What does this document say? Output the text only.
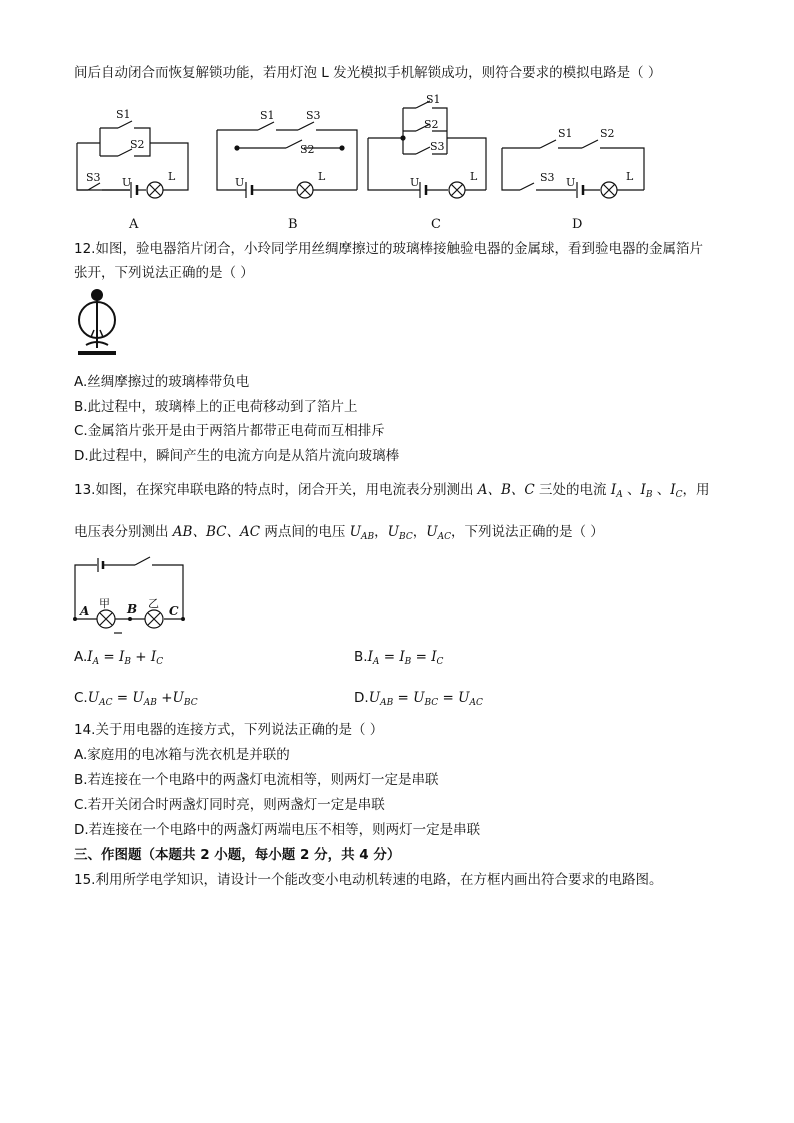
间后自动闭合而恢复解锁功能，若用灯泡 L 发光模拟手机解锁成功，则符合要求的模拟电路是（ ）
S1
S2
S3 U	L
S1	S3
S2
U	L
S1
S2
S3
U	L
S1 S2
S3 U	L
A	B	C	D
12.如图，验电器箔片闭合，小玲同学用丝绸摩擦过的玻璃棒接触验电器的金属球，看到验电器的金属箔片
张开，下列说法正确的是（ ）
A.丝绸摩擦过的玻璃棒带负电
B.此过程中，玻璃棒上的正电荷移动到了箔片上
C.金属箔片张开是由于两箔片都带正电荷而互相排斥
D.此过程中，瞬间产生的电流方向是从箔片流向玻璃棒
13.如图，在探究串联电路的特点时，闭合开关，用电流表分别测出 A、B、C 三处的电流 $I_A$ 、$I_B$ 、$I_C$，用
电压表分别测出 AB、BC、AC 两点间的电压 $U_{AB}$，$U_{BC}$，$U_{AC}$，下列说法正确的是（ ）
甲	乙
A	B	C
$A.I_A = I_B + I_C$	$B.I_A = I_B = I_C$
$C.U_{AC} = U_{AB} +U_{BC}$	$D.U_{AB} = U_{BC} = U_{AC}$
14.关于用电器的连接方式，下列说法正确的是（ ）
A.家庭用的电冰箱与洗衣机是并联的
B.若连接在一个电路中的两盏灯电流相等，则两灯一定是串联
C.若开关闭合时两盏灯同时亮，则两盏灯一定是串联
D.若连接在一个电路中的两盏灯两端电压不相等，则两灯一定是串联
三、作图题（本题共 2 小题，每小题 2 分，共 4 分）
15.利用所学电学知识，请设计一个能改变小电动机转速的电路，在方框内画出符合要求的电路图。
